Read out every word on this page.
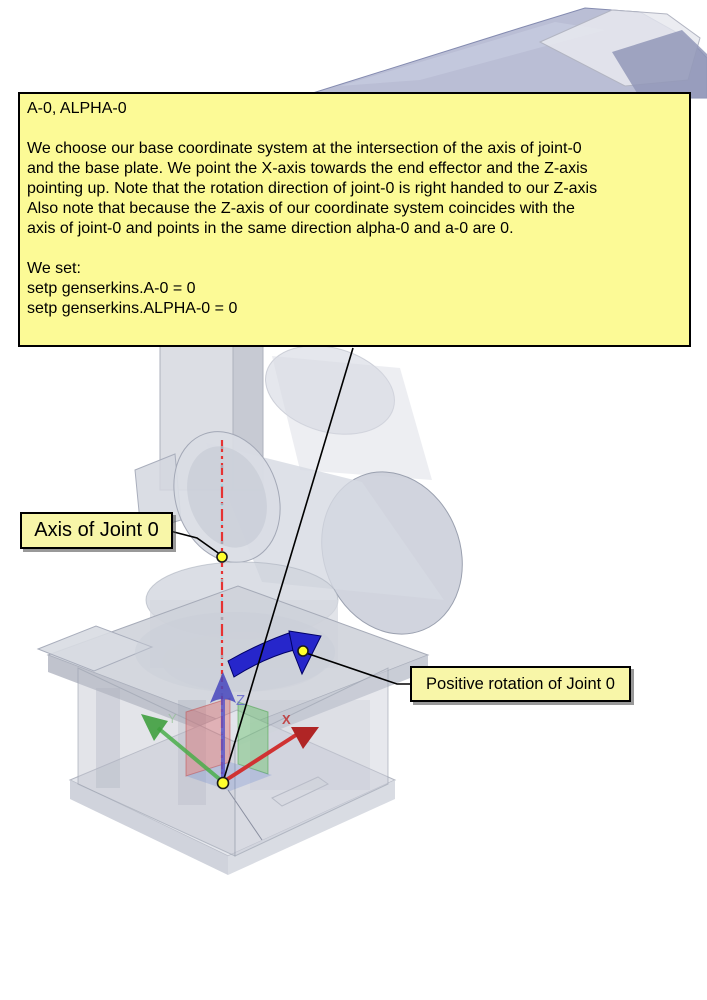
Y	X
Z
A-0, ALPHA-0
We choose our base coordinate system at the intersection of the axis of joint-0
and the base plate. We point the X-axis towards the end effector and the Z-axis
pointing up. Note that the rotation direction of joint-0 is right handed to our Z-axis
Also note that because the Z-axis of our coordinate system coincides with the
axis of joint-0 and points in the same direction alpha-0 and a-0 are 0.
We set:
setp genserkins.A-0 = 0
setp genserkins.ALPHA-0 = 0
Axis of Joint 0
Positive rotation of Joint 0
